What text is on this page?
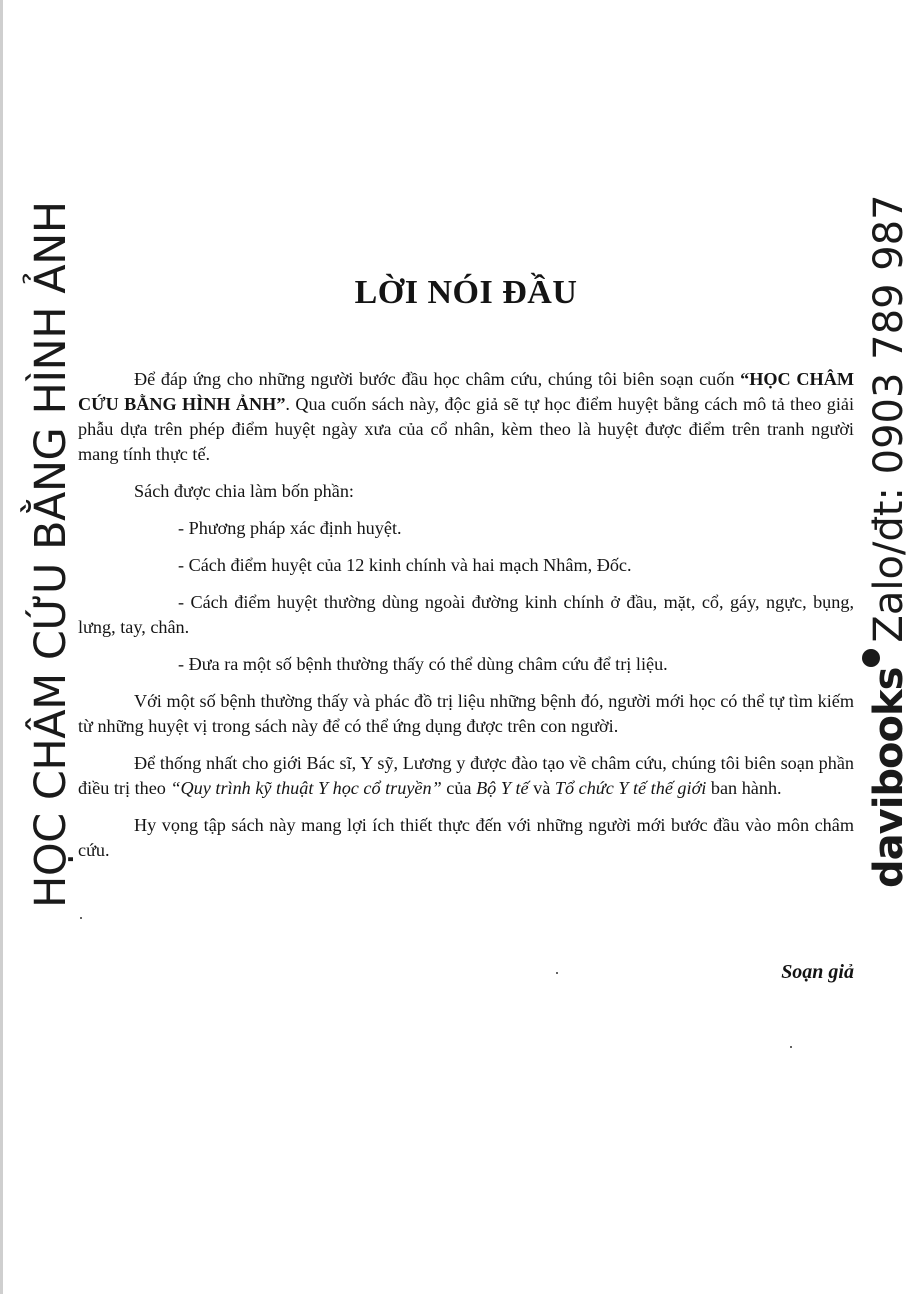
HỌC CHÂM CỨU BẰNG HÌNH ẢNH	davibooksZalo/đt: 0903 789 987
LỜI NÓI ĐẦU

Để đáp ứng cho những người bước đầu học châm cứu, chúng tôi biên soạn cuốn “HỌC CHÂM CỨU BẰNG HÌNH ẢNH”. Qua cuốn sách này, độc giả sẽ tự học điểm huyệt bằng cách mô tả theo giải phẫu dựa trên phép điểm huyệt ngày xưa của cổ nhân, kèm theo là huyệt được điểm trên tranh người mang tính thực tế.

Sách được chia làm bốn phần:

- Phương pháp xác định huyệt.

- Cách điểm huyệt của 12 kinh chính và hai mạch Nhâm, Đốc.

- Cách điểm huyệt thường dùng ngoài đường kinh chính ở đầu, mặt, cổ, gáy, ngực, bụng, lưng, tay, chân.

- Đưa ra một số bệnh thường thấy có thể dùng châm cứu để trị liệu.

Với một số bệnh thường thấy và phác đồ trị liệu những bệnh đó, người mới học có thể tự tìm kiếm từ những huyệt vị trong sách này để có thể ứng dụng được trên con người.

Để thống nhất cho giới Bác sĩ, Y sỹ, Lương y được đào tạo về châm cứu, chúng tôi biên soạn phần điều trị theo “Quy trình kỹ thuật Y học cổ truyền” của Bộ Y tế và Tổ chức Y tế thế giới ban hành.

Hy vọng tập sách này mang lợi ích thiết thực đến với những người mới bước đầu vào môn châm cứu.

Soạn giả
